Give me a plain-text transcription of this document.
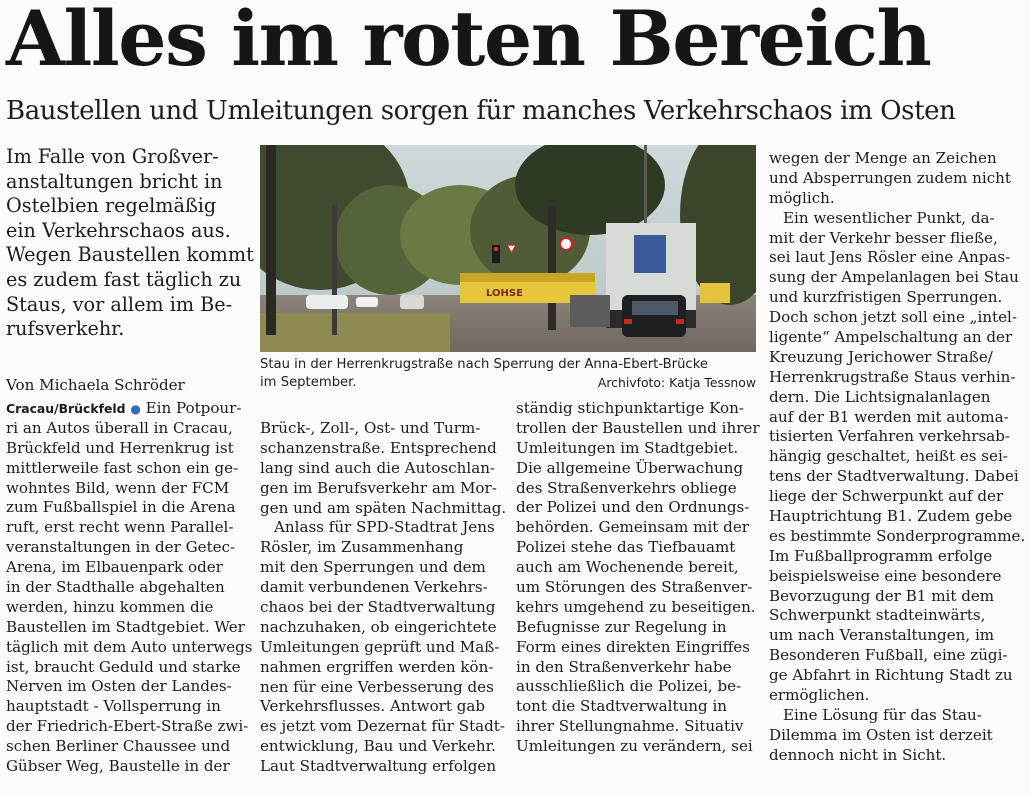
Alles im roten Bereich
Baustellen und Umleitungen sorgen für manches Verkehrschaos im Osten
Im Falle von Großver-
anstaltungen bricht in
Ostelbien regelmäßig
ein Verkehrschaos aus.
Wegen Baustellen kommt
es zudem fast täglich zu
Staus, vor allem im Be-
rufsverkehr.
Von Michaela Schröder
Cracau/Brückfeld ● Ein Potpour-
ri an Autos überall in Cracau,
Brückfeld und Herrenkrug ist
mittlerweile fast schon ein ge-
wohntes Bild, wenn der FCM
zum Fußballspiel in die Arena
ruft, erst recht wenn Parallel-
veranstaltungen in der Getec-
Arena, im Elbauenpark oder
in der Stadthalle abgehalten
werden, hinzu kommen die
Baustellen im Stadtgebiet. Wer
täglich mit dem Auto unterwegs
ist, braucht Geduld und starke
Nerven im Osten der Landes-
hauptstadt - Vollsperrung in
der Friedrich-Ebert-Straße zwi-
schen Berliner Chaussee und
Gübser Weg, Baustelle in der
LOHSE
Stau in der Herrenkrugstraße nach Sperrung der Anna-Ebert-Brücke
im September.	Archivfoto: Katja Tessnow
Brück-, Zoll-, Ost- und Turm-
schanzenstraße. Entsprechend
lang sind auch die Autoschlan-
gen im Berufsverkehr am Mor-
gen und am späten Nachmittag.
Anlass für SPD-Stadtrat Jens
Rösler, im Zusammenhang
mit den Sperrungen und dem
damit verbundenen Verkehrs-
chaos bei der Stadtverwaltung
nachzuhaken, ob eingerichtete
Umleitungen geprüft und Maß-
nahmen ergriffen werden kön-
nen für eine Verbesserung des
Verkehrsflusses. Antwort gab
es jetzt vom Dezernat für Stadt-
entwicklung, Bau und Verkehr.
Laut Stadtverwaltung erfolgen
ständig stichpunktartige Kon-
trollen der Baustellen und ihrer
Umleitungen im Stadtgebiet.
Die allgemeine Überwachung
des Straßenverkehrs obliege
der Polizei und den Ordnungs-
behörden. Gemeinsam mit der
Polizei stehe das Tiefbauamt
auch am Wochenende bereit,
um Störungen des Straßenver-
kehrs umgehend zu beseitigen.
Befugnisse zur Regelung in
Form eines direkten Eingriffes
in den Straßenverkehr habe
ausschließlich die Polizei, be-
tont die Stadtverwaltung in
ihrer Stellungnahme. Situativ
Umleitungen zu verändern, sei
wegen der Menge an Zeichen
und Absperrungen zudem nicht
möglich.
Ein wesentlicher Punkt, da-
mit der Verkehr besser fließe,
sei laut Jens Rösler eine Anpas-
sung der Ampelanlagen bei Stau
und kurzfristigen Sperrungen.
Doch schon jetzt soll eine „intel-
ligente“ Ampelschaltung an der
Kreuzung Jerichower Straße/
Herrenkrugstraße Staus verhin-
dern. Die Lichtsignalanlagen
auf der B1 werden mit automa-
tisierten Verfahren verkehrsab-
hängig geschaltet, heißt es sei-
tens der Stadtverwaltung. Dabei
liege der Schwerpunkt auf der
Hauptrichtung B1. Zudem gebe
es bestimmte Sonderprogramme.
Im Fußballprogramm erfolge
beispielsweise eine besondere
Bevorzugung der B1 mit dem
Schwerpunkt stadteinwärts,
um nach Veranstaltungen, im
Besonderen Fußball, eine zügi-
ge Abfahrt in Richtung Stadt zu
ermöglichen.
Eine Lösung für das Stau-
Dilemma im Osten ist derzeit
dennoch nicht in Sicht.
